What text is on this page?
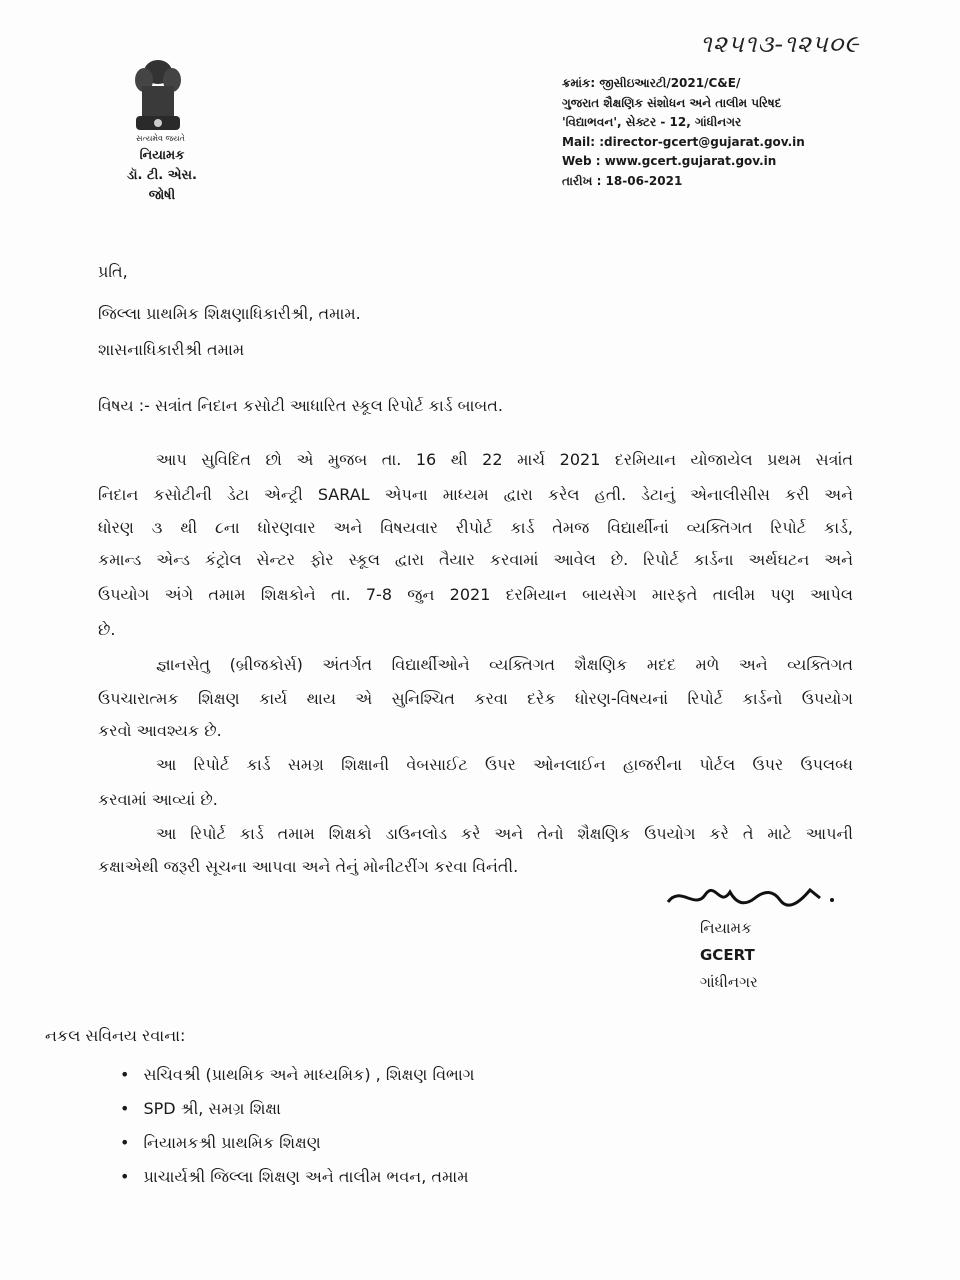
૧૨૫૧૩-૧૨૫૦૯
સત્યમેવ જયતે
નિયામક
ડૉ. ટી. એસ. જોષી
ક્રમાંક: જીસીઇઆરટી/2021/C&E/
ગુજરાત શૈક્ષણિક સંશોધન અને તાલીમ પરિષદ
'વિદ્યાભવન', સેક્ટર - 12, ગાંધીનગર
Mail: :director-gcert@gujarat.gov.in
Web : www.gcert.gujarat.gov.in
તારીખ : 18-06-2021
પ્રતિ,
જિલ્લા પ્રાથમિક શિક્ષણાધિકારીશ્રી, તમામ.
શાસનાધિકારીશ્રી તમામ
વિષય :- સત્રાંત નિદાન કસોટી આધારિત સ્કૂલ રિપોર્ટ કાર્ડ બાબત.
આપ સુવિદિત છો એ મુજબ તા. 16 થી 22 માર્ચ 2021 દરમિયાન યોજાયેલ પ્રથમ સત્રાંત
નિદાન કસોટીની ડેટા એન્ટ્રી SARAL એપના માધ્યમ દ્વારા કરેલ હતી. ડેટાનું એનાલીસીસ કરી અને
ધોરણ ૩ થી ૮ના ધોરણવાર અને વિષયવાર રીપોર્ટ કાર્ડ તેમજ વિદ્યાર્થીનાં વ્યક્તિગત રિપોર્ટ કાર્ડ,
કમાન્ડ એન્ડ કંટ્રોલ સેન્ટર ફોર સ્કૂલ દ્વારા તૈયાર કરવામાં આવેલ છે. રિપોર્ટ કાર્ડના અર્થઘટન અને
ઉપયોગ અંગે તમામ શિક્ષકોને તા. 7-8 જુન 2021 દરમિયાન બાયસેગ મારફતે તાલીમ પણ આપેલ
છે.
જ્ઞાનસેતુ (બ્રીજકોર્સ) અંતર્ગત વિદ્યાર્થીઓને વ્યક્તિગત શૈક્ષણિક મદદ મળે અને વ્યક્તિગત
ઉપચારાત્મક શિક્ષણ કાર્ય થાય એ સુનિશ્ચિત કરવા દરેક ધોરણ-વિષયનાં રિપોર્ટ કાર્ડનો ઉપયોગ
કરવો આવશ્યક છે.
આ રિપોર્ટ કાર્ડ સમગ્ર શિક્ષાની વેબસાઈટ ઉપર ઓનલાઈન હાજરીના પોર્ટલ ઉપર ઉપલબ્ધ
કરવામાં આવ્યાં છે.
આ રિપોર્ટ કાર્ડ તમામ શિક્ષકો ડાઉનલોડ કરે અને તેનો શૈક્ષણિક ઉપયોગ કરે તે માટે આપની
કક્ષાએથી જરૂરી સૂચના આપવા અને તેનું મોનીટરીંગ કરવા વિનંતી.
નિયામક
GCERT
ગાંધીનગર
નકલ સવિનય રવાના:
• સચિવશ્રી (પ્રાથમિક અને માધ્યમિક) , શિક્ષણ વિભાગ
• SPD શ્રી, સમગ્ર શિક્ષા
• નિયામકશ્રી પ્રાથમિક શિક્ષણ
• પ્રાચાર્યશ્રી જિલ્લા શિક્ષણ અને તાલીમ ભવન, તમામ
